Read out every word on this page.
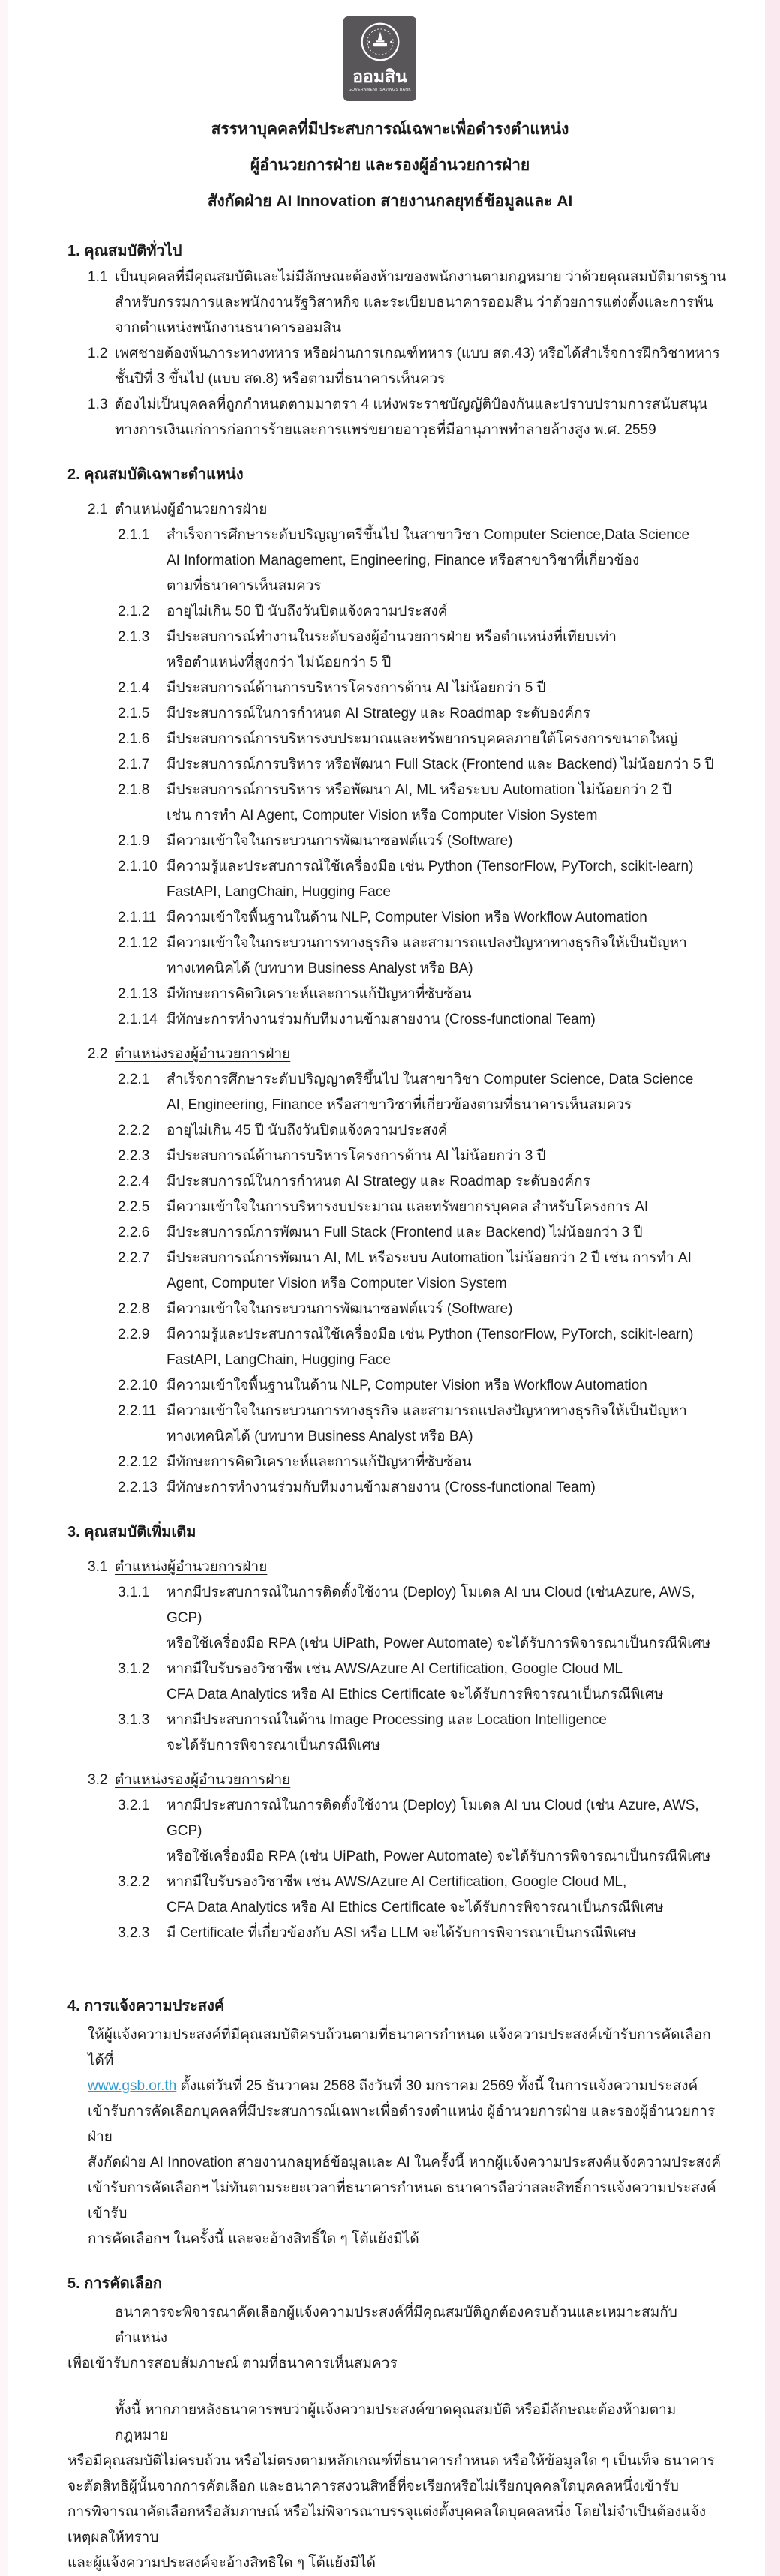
ออมสิน
GOVERNMENT SAVINGS BANK
สรรหาบุคคลที่มีประสบการณ์เฉพาะเพื่อดำรงตำแหน่ง
ผู้อำนวยการฝ่าย และรองผู้อำนวยการฝ่าย
สังกัดฝ่าย AI Innovation สายงานกลยุทธ์ข้อมูลและ AI
1. คุณสมบัติทั่วไป
1.1 เป็นบุคคลที่มีคุณสมบัติและไม่มีลักษณะต้องห้ามของพนักงานตามกฎหมาย ว่าด้วยคุณสมบัติมาตรฐาน
สำหรับกรรมการและพนักงานรัฐวิสาหกิจ และระเบียบธนาคารออมสิน ว่าด้วยการแต่งตั้งและการพ้น
จากตำแหน่งพนักงานธนาคารออมสิน
1.2 เพศชายต้องพ้นภาระทางทหาร หรือผ่านการเกณฑ์ทหาร (แบบ สด.43) หรือได้สำเร็จการฝึกวิชาทหาร
ชั้นปีที่ 3 ขึ้นไป (แบบ สด.8) หรือตามที่ธนาคารเห็นควร
1.3 ต้องไม่เป็นบุคคลที่ถูกกำหนดตามมาตรา 4 แห่งพระราชบัญญัติป้องกันและปราบปรามการสนับสนุน
ทางการเงินแก่การก่อการร้ายและการแพร่ขยายอาวุธที่มีอานุภาพทำลายล้างสูง พ.ศ. 2559
2. คุณสมบัติเฉพาะตำแหน่ง
2.1 ตำแหน่งผู้อำนวยการฝ่าย
2.1.1	สำเร็จการศึกษาระดับปริญญาตรีขึ้นไป ในสาขาวิชา Computer Science,Data Science
AI Information Management, Engineering, Finance หรือสาขาวิชาที่เกี่ยวข้อง
ตามที่ธนาคารเห็นสมควร
2.1.2	อายุไม่เกิน 50 ปี นับถึงวันปิดแจ้งความประสงค์
2.1.3	มีประสบการณ์ทำงานในระดับรองผู้อำนวยการฝ่าย หรือตำแหน่งที่เทียบเท่า
หรือตำแหน่งที่สูงกว่า ไม่น้อยกว่า 5 ปี
2.1.4	มีประสบการณ์ด้านการบริหารโครงการด้าน AI ไม่น้อยกว่า 5 ปี
2.1.5	มีประสบการณ์ในการกำหนด AI Strategy และ Roadmap ระดับองค์กร
2.1.6	มีประสบการณ์การบริหารงบประมาณและทรัพยากรบุคคลภายใต้โครงการขนาดใหญ่
2.1.7	มีประสบการณ์การบริหาร หรือพัฒนา Full Stack (Frontend และ Backend) ไม่น้อยกว่า 5 ปี
2.1.8	มีประสบการณ์การบริหาร หรือพัฒนา AI, ML หรือระบบ Automation ไม่น้อยกว่า 2 ปี
เช่น การทำ AI Agent, Computer Vision หรือ Computer Vision System
2.1.9	มีความเข้าใจในกระบวนการพัฒนาซอฟต์แวร์ (Software)
2.1.10 มีความรู้และประสบการณ์ใช้เครื่องมือ เช่น Python (TensorFlow, PyTorch, scikit-learn)
FastAPI, LangChain, Hugging Face
2.1.11 มีความเข้าใจพื้นฐานในด้าน NLP, Computer Vision หรือ Workflow Automation
2.1.12 มีความเข้าใจในกระบวนการทางธุรกิจ และสามารถแปลงปัญหาทางธุรกิจให้เป็นปัญหา
ทางเทคนิคได้ (บทบาท Business Analyst หรือ BA)
2.1.13 มีทักษะการคิดวิเคราะห์และการแก้ปัญหาที่ซับซ้อน
2.1.14 มีทักษะการทำงานร่วมกับทีมงานข้ามสายงาน (Cross-functional Team)
2.2 ตำแหน่งรองผู้อำนวยการฝ่าย
2.2.1	สำเร็จการศึกษาระดับปริญญาตรีขึ้นไป ในสาขาวิชา Computer Science, Data Science
AI, Engineering, Finance หรือสาขาวิชาที่เกี่ยวข้องตามที่ธนาคารเห็นสมควร
2.2.2	อายุไม่เกิน 45 ปี นับถึงวันปิดแจ้งความประสงค์
2.2.3	มีประสบการณ์ด้านการบริหารโครงการด้าน AI ไม่น้อยกว่า 3 ปี
2.2.4	มีประสบการณ์ในการกำหนด AI Strategy และ Roadmap ระดับองค์กร
2.2.5	มีความเข้าใจในการบริหารงบประมาณ และทรัพยากรบุคคล สำหรับโครงการ AI
2.2.6	มีประสบการณ์การพัฒนา Full Stack (Frontend และ Backend) ไม่น้อยกว่า 3 ปี
2.2.7	มีประสบการณ์การพัฒนา AI, ML หรือระบบ Automation ไม่น้อยกว่า 2 ปี เช่น การทำ AI
Agent, Computer Vision หรือ Computer Vision System
2.2.8	มีความเข้าใจในกระบวนการพัฒนาซอฟต์แวร์ (Software)
2.2.9	มีความรู้และประสบการณ์ใช้เครื่องมือ เช่น Python (TensorFlow, PyTorch, scikit-learn)
FastAPI, LangChain, Hugging Face
2.2.10 มีความเข้าใจพื้นฐานในด้าน NLP, Computer Vision หรือ Workflow Automation
2.2.11 มีความเข้าใจในกระบวนการทางธุรกิจ และสามารถแปลงปัญหาทางธุรกิจให้เป็นปัญหา
ทางเทคนิคได้ (บทบาท Business Analyst หรือ BA)
2.2.12 มีทักษะการคิดวิเคราะห์และการแก้ปัญหาที่ซับซ้อน
2.2.13 มีทักษะการทำงานร่วมกับทีมงานข้ามสายงาน (Cross-functional Team)
3. คุณสมบัติเพิ่มเติม
3.1 ตำแหน่งผู้อำนวยการฝ่าย
3.1.1	หากมีประสบการณ์ในการติดตั้งใช้งาน (Deploy) โมเดล AI บน Cloud (เช่นAzure, AWS, GCP)
หรือใช้เครื่องมือ RPA (เช่น UiPath, Power Automate) จะได้รับการพิจารณาเป็นกรณีพิเศษ
3.1.2	หากมีใบรับรองวิชาชีพ เช่น AWS/Azure AI Certification, Google Cloud ML
CFA Data Analytics หรือ AI Ethics Certificate จะได้รับการพิจารณาเป็นกรณีพิเศษ
3.1.3	หากมีประสบการณ์ในด้าน Image Processing และ Location Intelligence
จะได้รับการพิจารณาเป็นกรณีพิเศษ
3.2 ตำแหน่งรองผู้อำนวยการฝ่าย
3.2.1	หากมีประสบการณ์ในการติดตั้งใช้งาน (Deploy) โมเดล AI บน Cloud (เช่น Azure, AWS, GCP)
หรือใช้เครื่องมือ RPA (เช่น UiPath, Power Automate) จะได้รับการพิจารณาเป็นกรณีพิเศษ
3.2.2	หากมีใบรับรองวิชาชีพ เช่น AWS/Azure AI Certification, Google Cloud ML,
CFA Data Analytics หรือ AI Ethics Certificate จะได้รับการพิจารณาเป็นกรณีพิเศษ
3.2.3	มี Certificate ที่เกี่ยวข้องกับ ASI หรือ LLM จะได้รับการพิจารณาเป็นกรณีพิเศษ
4. การแจ้งความประสงค์
ให้ผู้แจ้งความประสงค์ที่มีคุณสมบัติครบถ้วนตามที่ธนาคารกำหนด แจ้งความประสงค์เข้ารับการคัดเลือกได้ที่
www.gsb.or.th ตั้งแต่วันที่ 25 ธันวาคม 2568 ถึงวันที่ 30 มกราคม 2569 ทั้งนี้ ในการแจ้งความประสงค์
เข้ารับการคัดเลือกบุคคลที่มีประสบการณ์เฉพาะเพื่อดำรงตำแหน่ง ผู้อำนวยการฝ่าย และรองผู้อำนวยการฝ่าย
สังกัดฝ่าย AI Innovation สายงานกลยุทธ์ข้อมูลและ AI ในครั้งนี้ หากผู้แจ้งความประสงค์แจ้งความประสงค์
เข้ารับการคัดเลือกฯ ไม่ทันตามระยะเวลาที่ธนาคารกำหนด ธนาคารถือว่าสละสิทธิ์การแจ้งความประสงค์เข้ารับ
การคัดเลือกฯ ในครั้งนี้ และจะอ้างสิทธิ์ใด ๆ โต้แย้งมิได้
5. การคัดเลือก
ธนาคารจะพิจารณาคัดเลือกผู้แจ้งความประสงค์ที่มีคุณสมบัติถูกต้องครบถ้วนและเหมาะสมกับตำแหน่ง
เพื่อเข้ารับการสอบสัมภาษณ์ ตามที่ธนาคารเห็นสมควร
ทั้งนี้ หากภายหลังธนาคารพบว่าผู้แจ้งความประสงค์ขาดคุณสมบัติ หรือมีลักษณะต้องห้ามตามกฎหมาย
หรือมีคุณสมบัติไม่ครบถ้วน หรือไม่ตรงตามหลักเกณฑ์ที่ธนาคารกำหนด หรือให้ข้อมูลใด ๆ เป็นเท็จ ธนาคาร
จะตัดสิทธิผู้นั้นจากการคัดเลือก และธนาคารสงวนสิทธิ์ที่จะเรียกหรือไม่เรียกบุคคลใดบุคคลหนึ่งเข้ารับ
การพิจารณาคัดเลือกหรือสัมภาษณ์ หรือไม่พิจารณาบรรจุแต่งตั้งบุคคลใดบุคคลหนึ่ง โดยไม่จำเป็นต้องแจ้งเหตุผลให้ทราบ
และผู้แจ้งความประสงค์จะอ้างสิทธิใด ๆ โต้แย้งมิได้
